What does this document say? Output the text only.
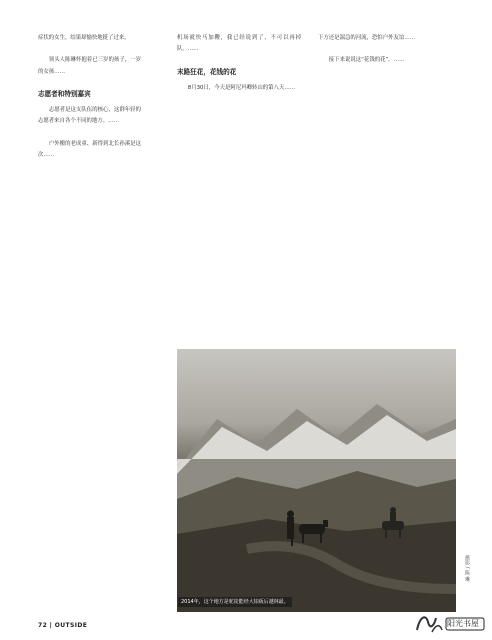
症状的女生，结果却愉快地挺了过来。

领头人陈琳怀抱着已三岁的孩子，一岁的女孩……

志愿者和特别嘉宾

志愿者是这支队伍的核心，这群年轻的志愿者来自各个不同的地方。……

户外搬的老成童、新得到北长孙溪是这次……

机场就快马加鞭，我已经说到了，不可以再掉队。……

末路狂花，花钱的花

8月30日，今天是阿尼玛卿转山的第八天……

下方还是湍急的河流，恐怕户外友谊……

接下来说说这“花钱的花”。……

2014年，这个地方是驼徒能经大铂板后越林最。
摄影 / 陈 琳
72 | OUTSIDE	阳光书屋
